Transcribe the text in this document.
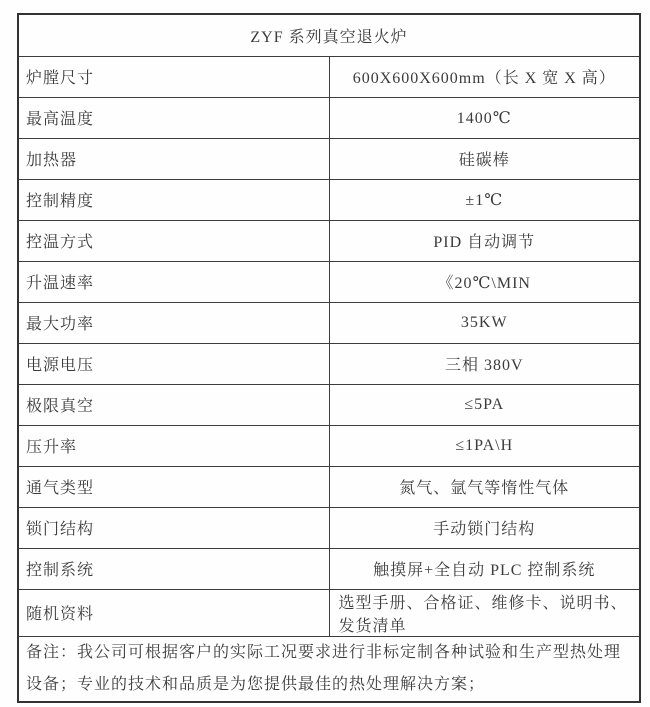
ZYF 系列真空退火炉	
炉膛尺寸	600X600X600mm（长 X 宽 X 高）
最高温度	1400℃
加热器	硅碳棒
控制精度	±1℃
控温方式	PID 自动调节
升温速率	《20℃\MIN
最大功率	35KW
电源电压	三相 380V
极限真空	≤5PA
压升率	≤1PA\H
通气类型	氮气、氩气等惰性气体
锁门结构	手动锁门结构
控制系统	触摸屏+全自动 PLC 控制系统
随机资料	选型手册、合格证、维修卡、说明书、发货清单
备注：我公司可根据客户的实际工况要求进行非标定制各种试验和生产型热处理设备；专业的技术和品质是为您提供最佳的热处理解决方案；	
